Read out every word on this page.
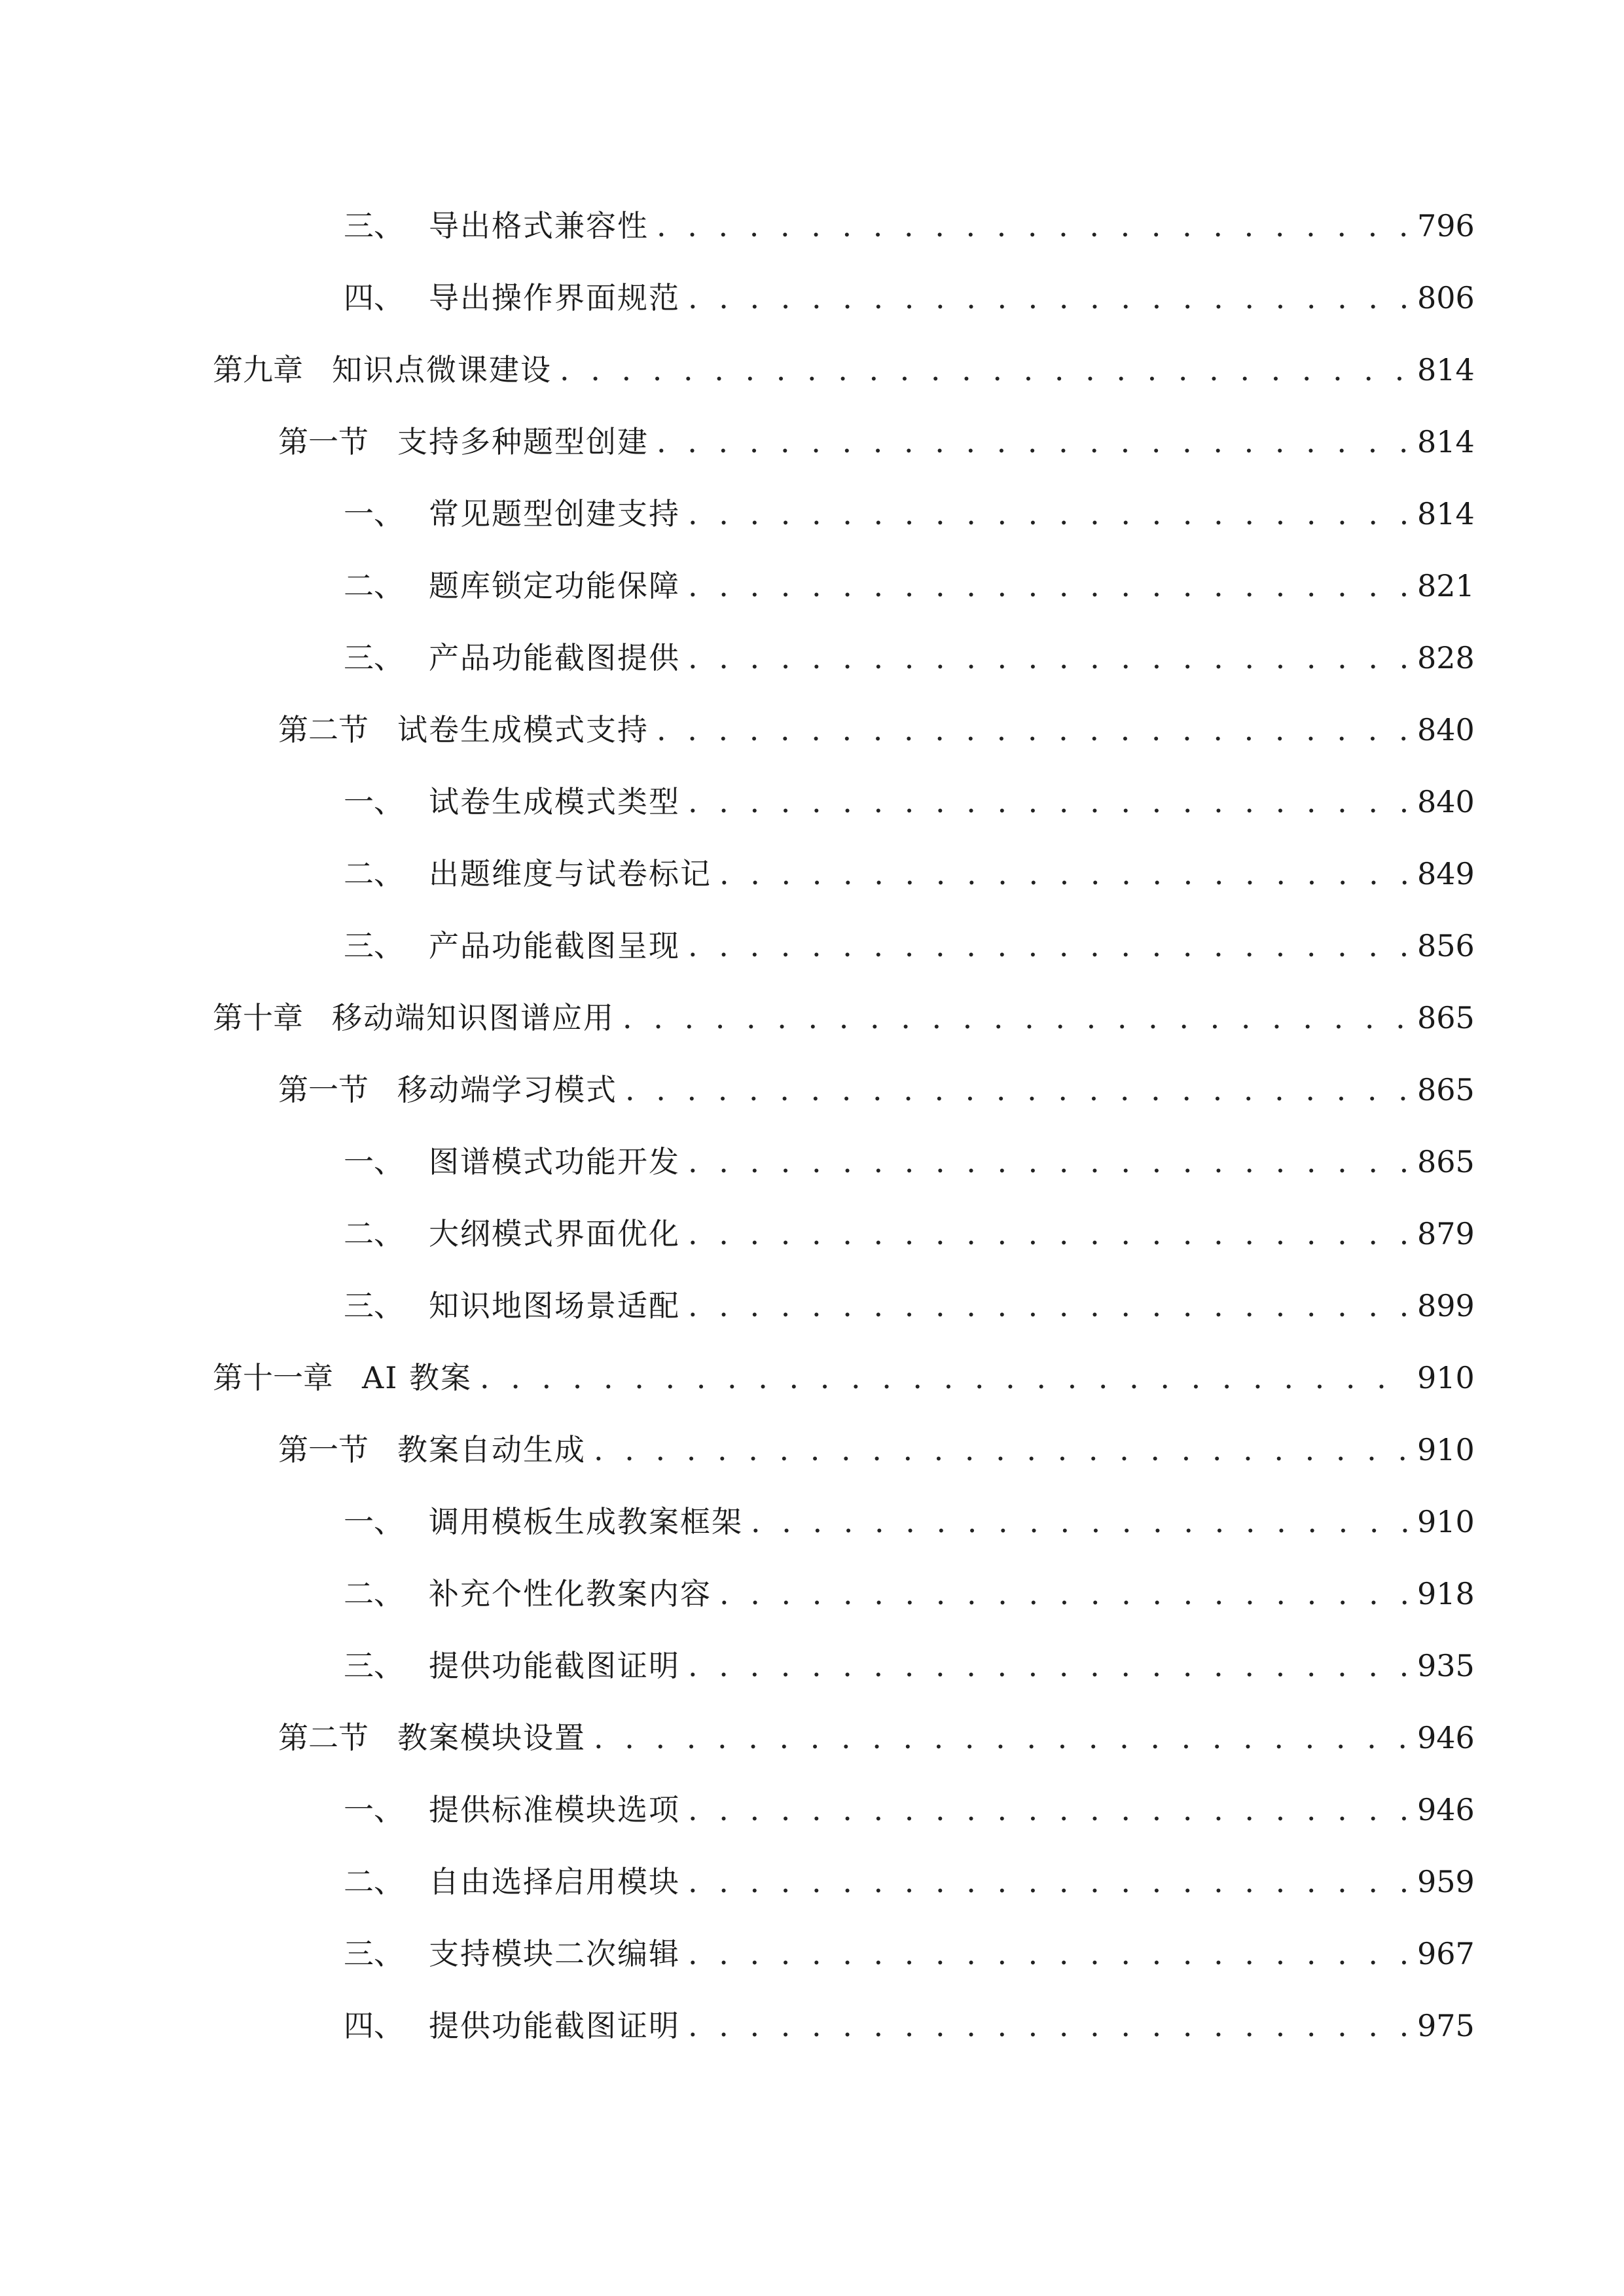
三、 导出格式兼容性 . . .	796
四、 导出操作界面规范 . . .	806
第九章 知识点微课建设 . . .	814
第一节 支持多种题型创建 . . .	814
一、 常见题型创建支持 . . .	814
二、 题库锁定功能保障 . . .	821
三、 产品功能截图提供 . . .	828
第二节 试卷生成模式支持 . . .	840
一、 试卷生成模式类型 . . .	840
二、 出题维度与试卷标记 . . .	849
三、 产品功能截图呈现 . . .	856
第十章 移动端知识图谱应用 . . .	865
第一节 移动端学习模式 . . .	865
一、 图谱模式功能开发 . . .	865
二、 大纲模式界面优化 . . .	879
三、 知识地图场景适配 . . .	899
第十一章 AI 教案 . . .	910
第一节 教案自动生成 . . .	910
一、 调用模板生成教案框架 . . .	910
二、 补充个性化教案内容 . . .	918
三、 提供功能截图证明 . . .	935
第二节 教案模块设置 . . .	946
一、 提供标准模块选项 . . .	946
二、 自由选择启用模块 . . .	959
三、 支持模块二次编辑 . . .	967
四、 提供功能截图证明 . . .	975
